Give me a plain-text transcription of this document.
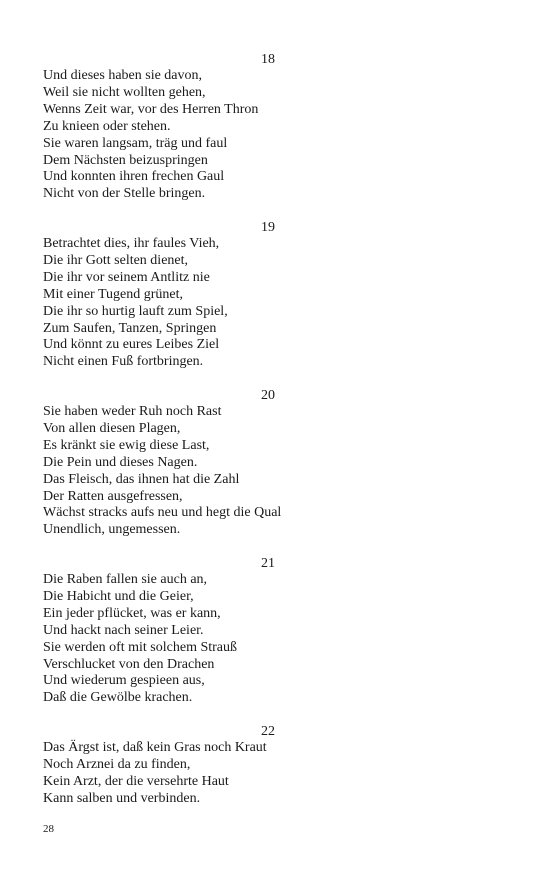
18
Und dieses haben sie davon,
Weil sie nicht wollten gehen,
Wenns Zeit war, vor des Herren Thron
Zu knieen oder stehen.
Sie waren langsam, träg und faul
Dem Nächsten beizuspringen
Und konnten ihren frechen Gaul
Nicht von der Stelle bringen.
19
Betrachtet dies, ihr faules Vieh,
Die ihr Gott selten dienet,
Die ihr vor seinem Antlitz nie
Mit einer Tugend grünet,
Die ihr so hurtig lauft zum Spiel,
Zum Saufen, Tanzen, Springen
Und könnt zu eures Leibes Ziel
Nicht einen Fuß fortbringen.
20
Sie haben weder Ruh noch Rast
Von allen diesen Plagen,
Es kränkt sie ewig diese Last,
Die Pein und dieses Nagen.
Das Fleisch, das ihnen hat die Zahl
Der Ratten ausgefressen,
Wächst stracks aufs neu und hegt die Qual
Unendlich, ungemessen.
21
Die Raben fallen sie auch an,
Die Habicht und die Geier,
Ein jeder pflücket, was er kann,
Und hackt nach seiner Leier.
Sie werden oft mit solchem Strauß
Verschlucket von den Drachen
Und wiederum gespieen aus,
Daß die Gewölbe krachen.
22
Das Ärgst ist, daß kein Gras noch Kraut
Noch Arznei da zu finden,
Kein Arzt, der die versehrte Haut
Kann salben und verbinden.
28
